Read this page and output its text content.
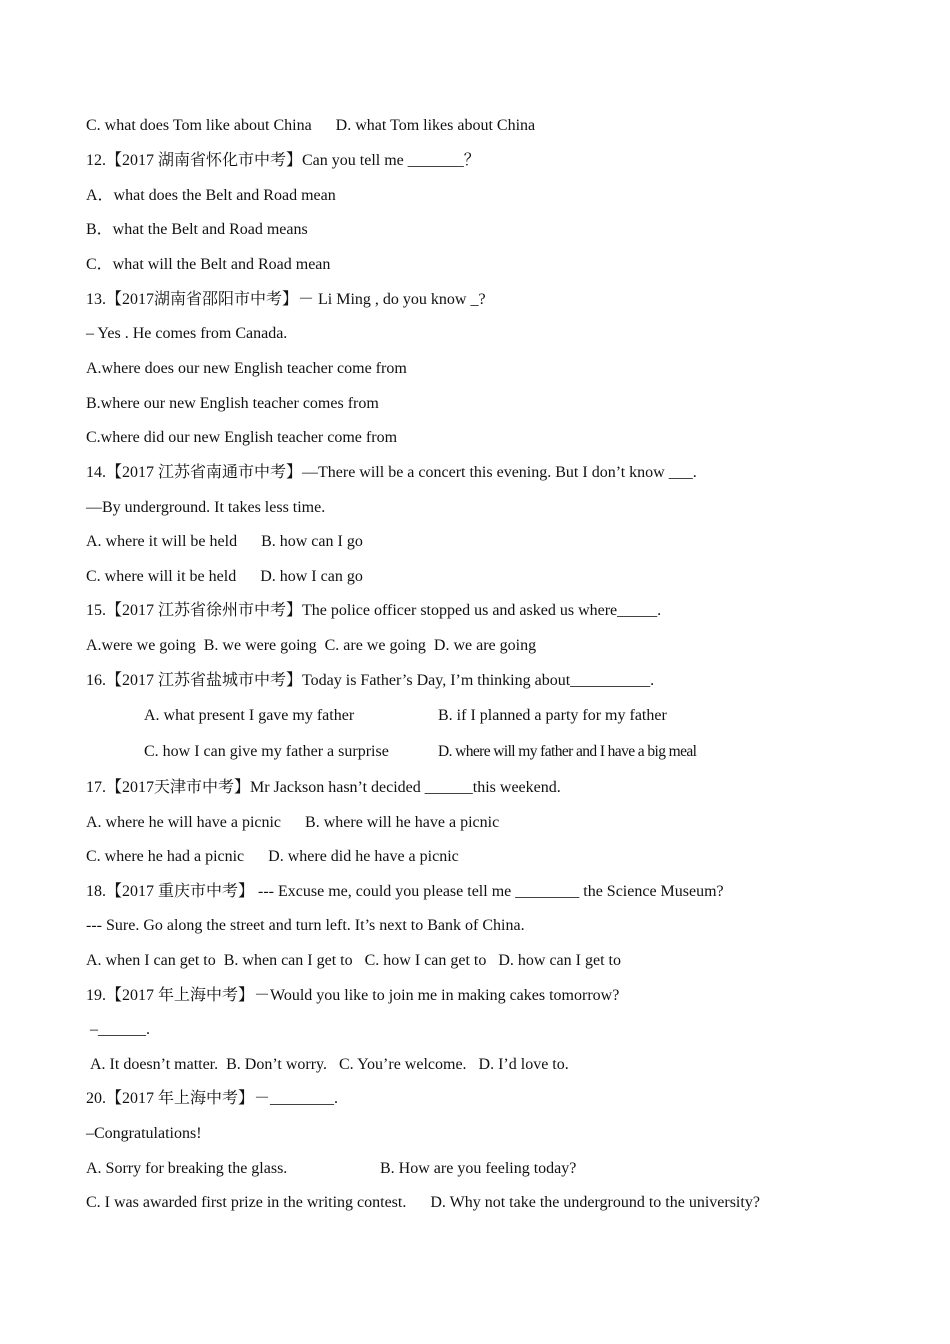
C. what does Tom like about China      D. what Tom likes about China
12.【2017 湖南省怀化市中考】Can you tell me _______？
A．what does the Belt and Road mean
B．what the Belt and Road means
C．what will the Belt and Road mean
13.【2017湖南省邵阳市中考】－ Li Ming , do you know _?
– Yes . He comes from Canada.
A.where does our new English teacher come from
B.where our new English teacher comes from
C.where did our new English teacher come from
14.【2017 江苏省南通市中考】—There will be a concert this evening. But I don’t know ___.
—By underground. It takes less time.
A. where it will be held      B. how can I go
C. where will it be held      D. how I can go
15.【2017 江苏省徐州市中考】The police officer stopped us and asked us where_____.
A.were we going  B. we were going  C. are we going  D. we are going
16.【2017 江苏省盐城市中考】Today is Father’s Day, I’m thinking about__________.
A. what present I gave my father	B. if I planned a party for my father
C. how I can give my father a surprise	D. where will my father and I have a big meal
17.【2017天津市中考】Mr Jackson hasn’t decided ______this weekend.
A. where he will have a picnic      B. where will he have a picnic
C. where he had a picnic      D. where did he have a picnic
18.【2017 重庆市中考】 --- Excuse me, could you please tell me ________ the Science Museum?
--- Sure. Go along the street and turn left. It’s next to Bank of China.
A. when I can get to  B. when can I get to   C. how I can get to   D. how can I get to
19.【2017 年上海中考】－Would you like to join me in making cakes tomorrow?
–______.
A. It doesn’t matter.  B. Don’t worry.   C. You’re welcome.   D. I’d love to.
20.【2017 年上海中考】－________.
–Congratulations!
A. Sorry for breaking the glass.	B. How are you feeling today?
C. I was awarded first prize in the writing contest.      D. Why not take the underground to the university?
